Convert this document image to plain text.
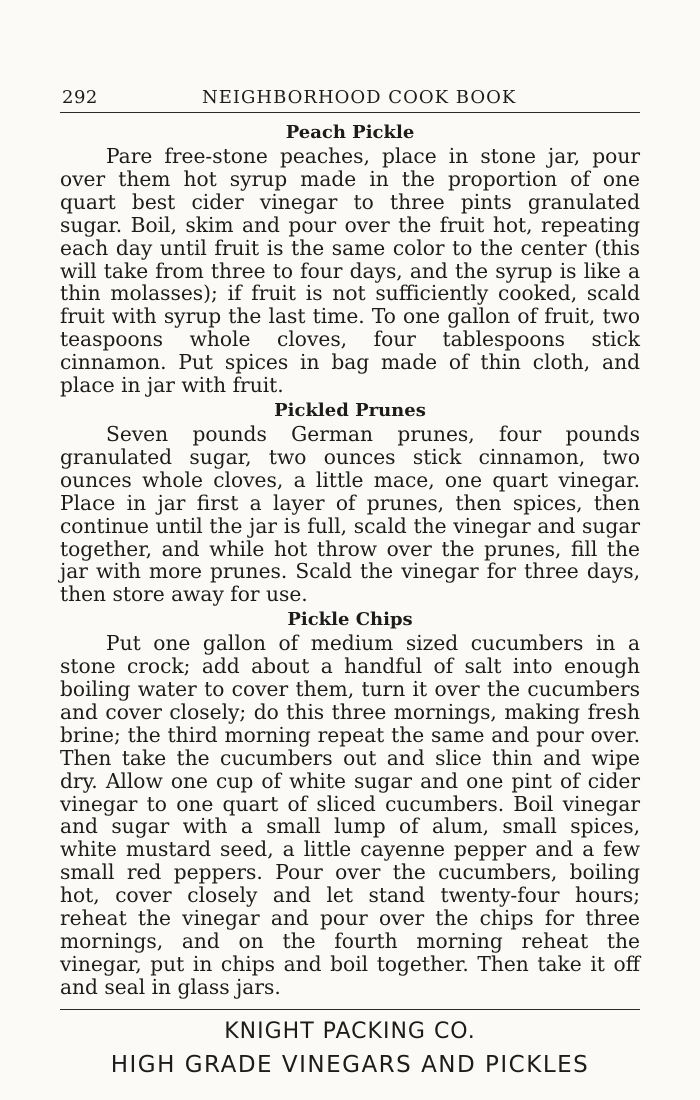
292	NEIGHBORHOOD COOK BOOK
Peach Pickle

Pare free-stone peaches, place in stone jar, pour over them hot syrup made in the proportion of one quart best cider vinegar to three pints granulated sugar. Boil, skim and pour over the fruit hot, repeating each day until fruit is the same color to the center (this will take from three to four days, and the syrup is like a thin molasses); if fruit is not sufficiently cooked, scald fruit with syrup the last time. To one gallon of fruit, two teaspoons whole cloves, four tablespoons stick cinnamon. Put spices in bag made of thin cloth, and place in jar with fruit.

Pickled Prunes

Seven pounds German prunes, four pounds granulated sugar, two ounces stick cinnamon, two ounces whole cloves, a little mace, one quart vinegar. Place in jar first a layer of prunes, then spices, then continue until the jar is full, scald the vinegar and sugar together, and while hot throw over the prunes, fill the jar with more prunes. Scald the vinegar for three days, then store away for use.

Pickle Chips

Put one gallon of medium sized cucumbers in a stone crock; add about a handful of salt into enough boiling water to cover them, turn it over the cucumbers and cover closely; do this three mornings, making fresh brine; the third morning repeat the same and pour over. Then take the cucumbers out and slice thin and wipe dry. Allow one cup of white sugar and one pint of cider vinegar to one quart of sliced cucumbers. Boil vinegar and sugar with a small lump of alum, small spices, white mustard seed, a little cayenne pepper and a few small red peppers. Pour over the cucumbers, boiling hot, cover closely and let stand twenty-four hours; reheat the vinegar and pour over the chips for three mornings, and on the fourth morning reheat the vinegar, put in chips and boil together. Then take it off and seal in glass jars.

KNIGHT PACKING CO.
HIGH GRADE VINEGARS AND PICKLES
